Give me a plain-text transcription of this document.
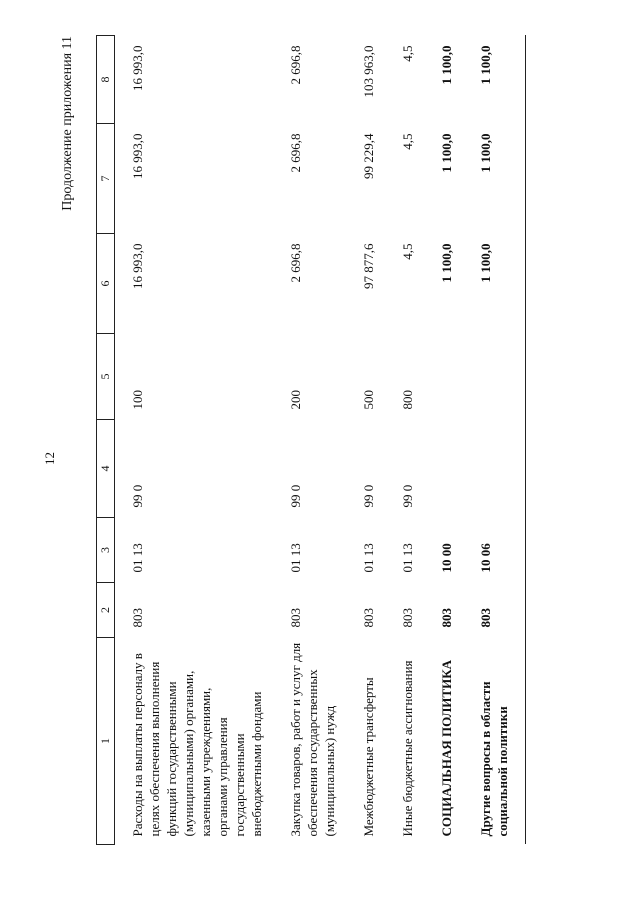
12
Продолжение приложения 11
1	2	3	4	5	6	7	8
Расходы на выплаты персоналу в целях обеспечения выполнения функций государственными (муниципальными) органами, казенными учреждениями, органами управления государственными внебюджетными фондами	803	01 13	99 0	100	16 993,0	16 993,0	16 993,0
Закупка товаров, работ и услуг для обеспечения государственных (муниципальных) нужд	803	01 13	99 0	200	2 696,8	2 696,8	2 696,8
Межбюджетные трансферты	803	01 13	99 0	500	97 877,6	99 229,4	103 963,0
Иные бюджетные ассигнования	803	01 13	99 0	800	4,5	4,5	4,5
СОЦИАЛЬНАЯ ПОЛИТИКА	803	10 00			1 100,0	1 100,0	1 100,0
Другие вопросы в области социальной политики	803	10 06			1 100,0	1 100,0	1 100,0
